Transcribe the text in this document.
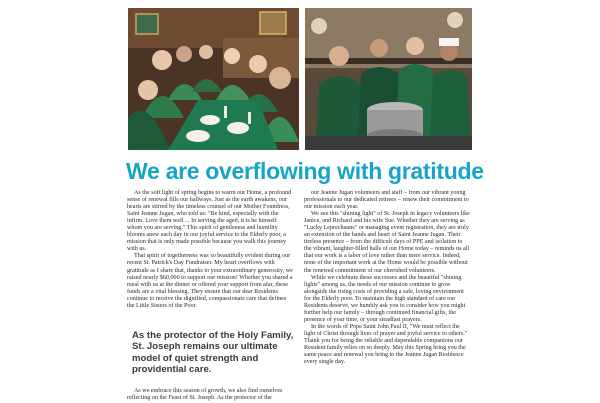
We are overflowing with gratitude

As the soft light of spring begins to warm our Home, a profound sense of renewal fills our hallways. Just as the earth awakens, our hearts are stirred by the timeless counsel of our Mother Foundress, Saint Jeanne Jugan, who told us: "Be kind, especially with the infirm. Love them well ... In serving the aged, it is he himself whom you are serving." This spirit of gentleness and humility blooms anew each day in our joyful service to the Elderly poor, a mission that is only made possible because you walk this journey with us.

That spirit of togetherness was so beautifully evident during our recent St. Patrick's Day Fundraiser. My heart overflows with gratitude as I share that, thanks to your extraordinary generosity, we raised nearly $60,000 to support our mission! Whether you shared a meal with us at the dinner or offered your support from afar, these funds are a vital blessing. They ensure that our dear Residents continue to receive the dignified, compassionate care that defines the Little Sisters of the Poor.

As the protector of the Holy Family, St. Joseph remains our ultimate model of quiet strength and providential care.

As we embrace this season of growth, we also find ourselves reflecting on the Feast of St. Joseph. As the protector of the

our Jeanne Jugan volunteers and staff – from our vibrant young professionals to our dedicated retirees – renew their commitment to our mission each year.

We see this "shining light" of St. Joseph in legacy volunteers like Janice, and Richard and his wife Sue. Whether they are serving as "Lucky Leprechauns" or managing event registration, they are truly an extension of the hands and heart of Saint Jeanne Jugan. Their tireless presence – from the difficult days of PPE and isolation to the vibrant, laughter-filled halls of our Home today – reminds us all that our work is a labor of love rather than mere service. Indeed, none of the important work at the Home would be possible without the renewed commitment of our cherished volunteers.

While we celebrate these successes and the beautiful "shining lights" among us, the needs of our mission continue to grow alongside the rising costs of providing a safe, loving environment for the Elderly poor. To maintain the high standard of care our Residents deserve, we humbly ask you to consider how you might further help our family – through continued financial gifts, the presence of your time, or your steadfast prayers.

In the words of Pope Saint John Paul II, "We must reflect the light of Christ through lives of prayer and joyful service to others." Thank you for being the reliable and dependable companions our Resident family relies on so deeply. May this Spring bring you the same peace and renewal you bring to the Jeanne Jugan Residence every single day.
